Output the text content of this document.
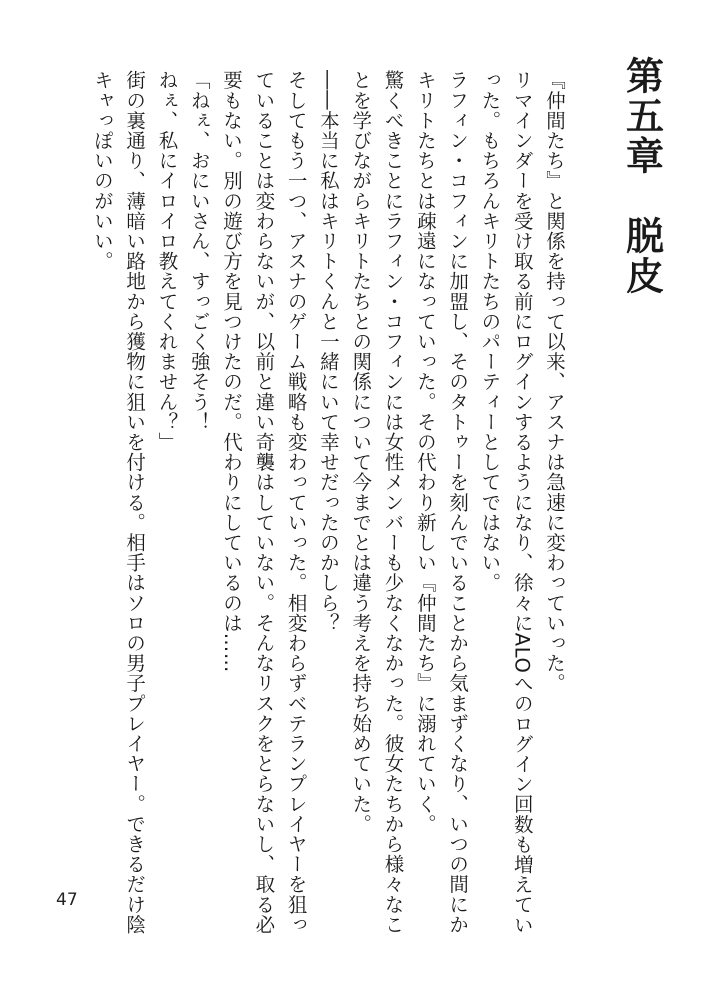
第五章　脱皮

『仲間たち』と関係を持って以来、アスナは急速に変わっていった。

リマインダーを受け取る前にログインするようになり、徐々にALOへのログイン回数も増えていった。もちろんキリトたちのパーティーとしてではない。

ラフィン・コフィンに加盟し、そのタトゥーを刻んでいることから気まずくなり、いつの間にかキリトたちとは疎遠になっていった。その代わり新しい『仲間たち』に溺れていく。

驚くべきことにラフィン・コフィンには女性メンバーも少なくなかった。彼女たちから様々なことを学びながらキリトたちとの関係について今までとは違う考えを持ち始めていた。

――本当に私はキリトくんと一緒にいて幸せだったのかしら？

そしてもう一つ、アスナのゲーム戦略も変わっていった。相変わらずベテランプレイヤーを狙っていることは変わらないが、以前と違い奇襲はしていない。そんなリスクをとらないし、取る必要もない。別の遊び方を見つけたのだ。代わりにしているのは……

「ねぇ、おにいさん、すっごく強そう！

ねぇ、私にイロイロ教えてくれません？」

街の裏通り、薄暗い路地から獲物に狙いを付ける。相手はソロの男子プレイヤー。できるだけ陰キャっぽいのがいい。

47
